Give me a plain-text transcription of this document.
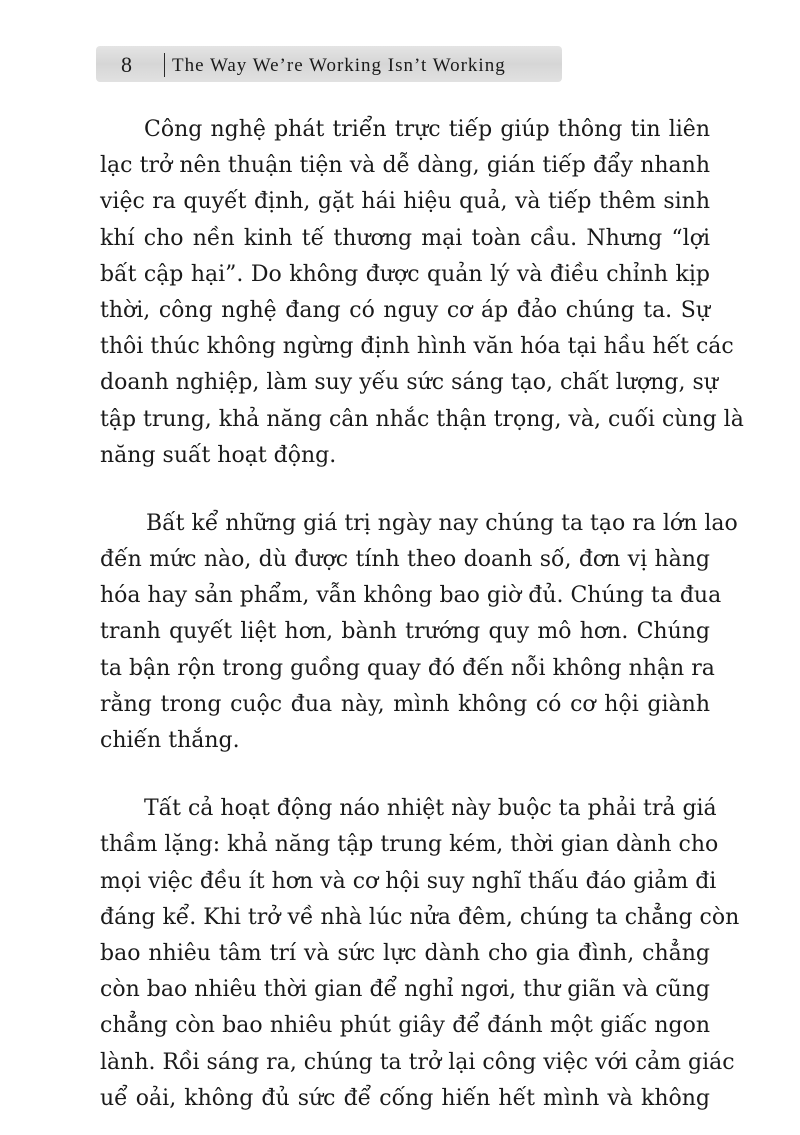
8 The Way We’re Working Isn’t Working
Công nghệ phát triển trực tiếp giúp thông tin liên
lạc trở nên thuận tiện và dễ dàng, gián tiếp đẩy nhanh
việc ra quyết định, gặt hái hiệu quả, và tiếp thêm sinh
khí cho nền kinh tế thương mại toàn cầu. Nhưng “lợi
bất cập hại”. Do không được quản lý và điều chỉnh kịp
thời, công nghệ đang có nguy cơ áp đảo chúng ta. Sự
thôi thúc không ngừng định hình văn hóa tại hầu hết các
doanh nghiệp, làm suy yếu sức sáng tạo, chất lượng, sự
tập trung, khả năng cân nhắc thận trọng, và, cuối cùng là
năng suất hoạt động.
Bất kể những giá trị ngày nay chúng ta tạo ra lớn lao
đến mức nào, dù được tính theo doanh số, đơn vị hàng
hóa hay sản phẩm, vẫn không bao giờ đủ. Chúng ta đua
tranh quyết liệt hơn, bành trướng quy mô hơn. Chúng
ta bận rộn trong guồng quay đó đến nỗi không nhận ra
rằng trong cuộc đua này, mình không có cơ hội giành
chiến thắng.
Tất cả hoạt động náo nhiệt này buộc ta phải trả giá
thầm lặng: khả năng tập trung kém, thời gian dành cho
mọi việc đều ít hơn và cơ hội suy nghĩ thấu đáo giảm đi
đáng kể. Khi trở về nhà lúc nửa đêm, chúng ta chẳng còn
bao nhiêu tâm trí và sức lực dành cho gia đình, chẳng
còn bao nhiêu thời gian để nghỉ ngơi, thư giãn và cũng
chẳng còn bao nhiêu phút giây để đánh một giấc ngon
lành. Rồi sáng ra, chúng ta trở lại công việc với cảm giác
uể oải, không đủ sức để cống hiến hết mình và không
